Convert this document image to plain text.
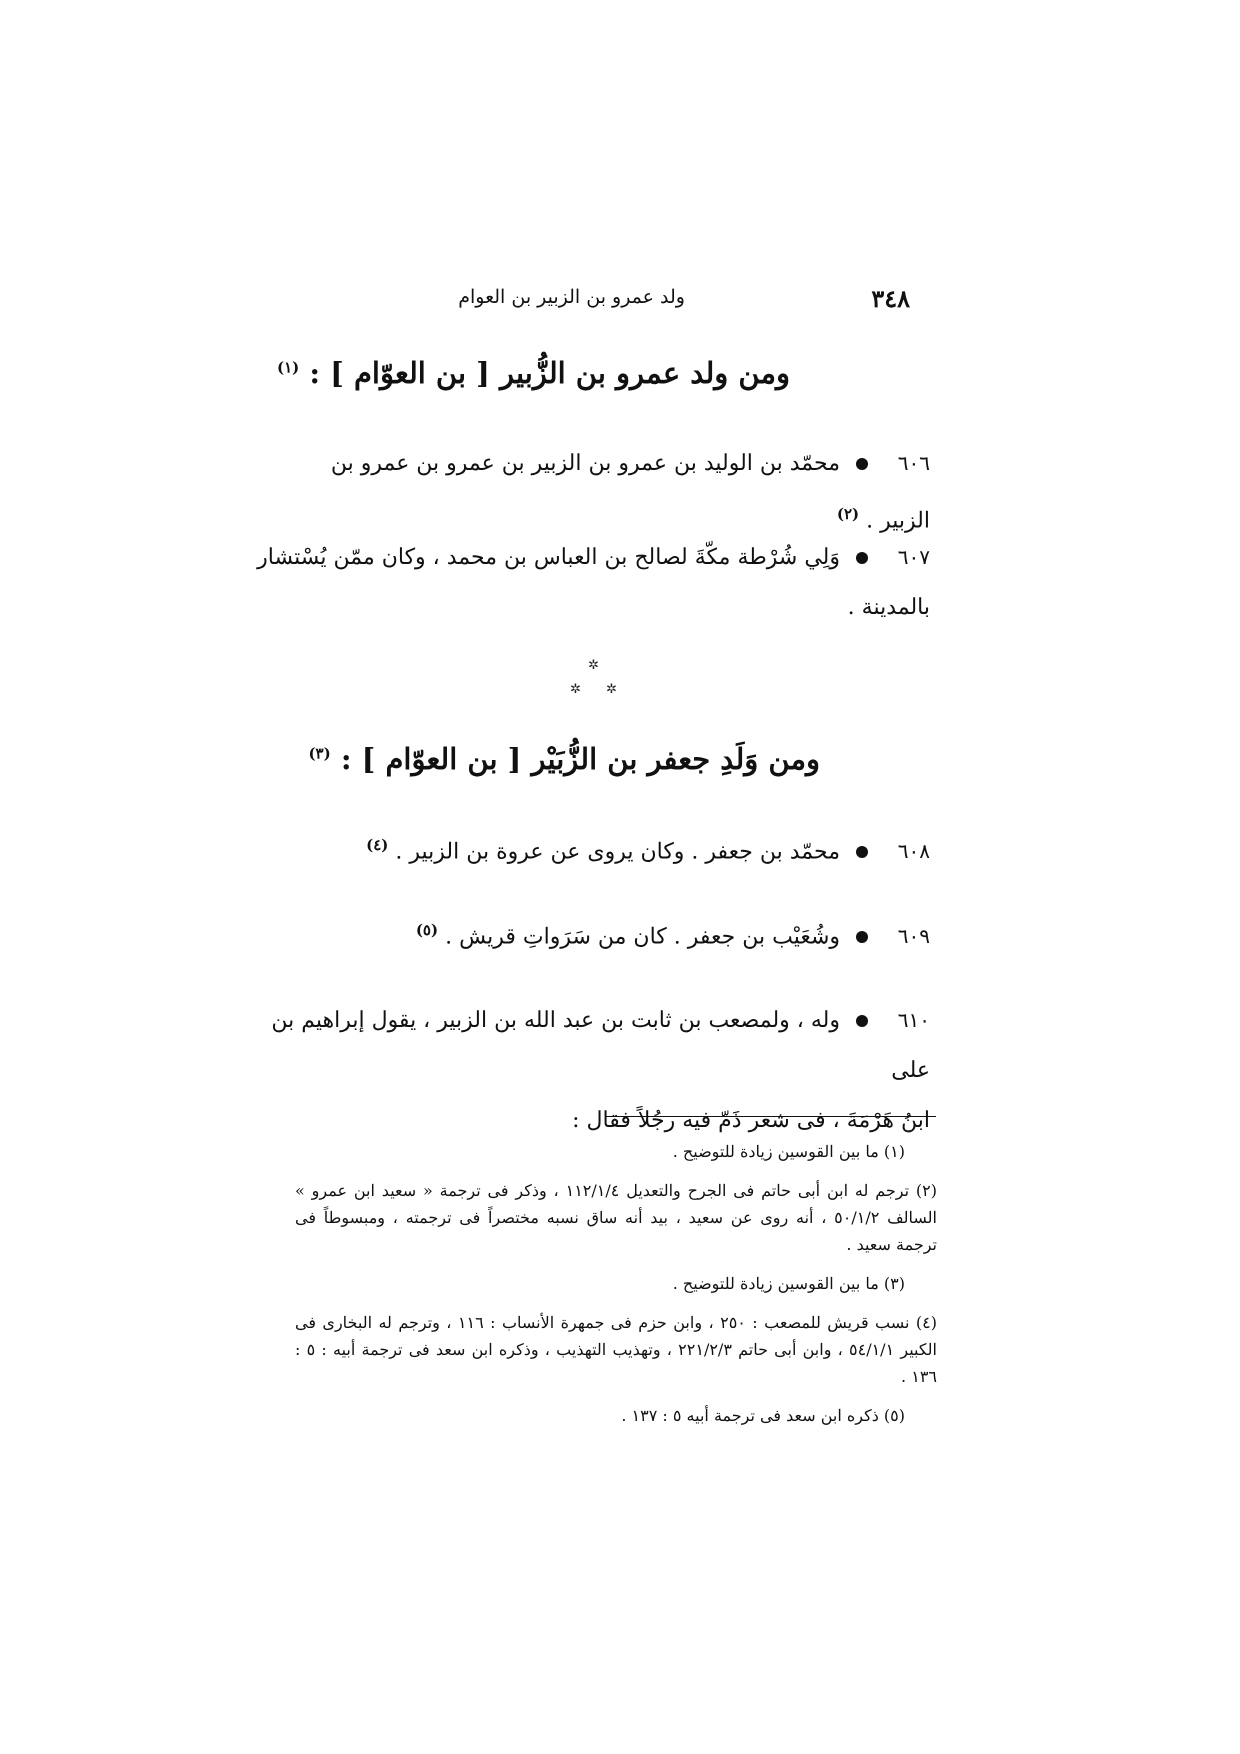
٣٤٨
ولد عمرو بن الزبير بن العوام
ومن ولد عمرو بن الزُّبير [ بن العوّام ] : $^{(١)}$
٦٠٦محمّد بن الوليد بن عمرو بن الزبير بن عمرو بن عمرو بن الزبير . $^{(٢)}$
٦٠٧وَلِي شُرْطة مكّةَ لصالح بن العباس بن محمد ، وكان ممّن يُسْتشار
بالمدينة .
✲
✲ ✲
ومن وَلَدِ جعفر بن الزُّبَيْر [ بن العوّام ] : $^{(٣)}$
٦٠٨محمّد بن جعفر . وكان يروى عن عروة بن الزبير . $^{(٤)}$
٦٠٩وشُعَيْب بن جعفر . كان من سَرَواتِ قريش . $^{(٥)}$
٦١٠وله ، ولمصعب بن ثابت بن عبد الله بن الزبير ، يقول إبراهيم بن على
ابنُ هَرْمَةَ ، فى شعر ذَمّ فيه رجُلاً فقال :

(١) ما بين القوسين زيادة للتوضيح .

(٢) ترجم له ابن أبى حاتم فى الجرح والتعديل ١١٢/١/٤ ، وذكر فى ترجمة « سعيد ابن عمرو » السالف ٥٠/١/٢ ، أنه روى عن سعيد ، بيد أنه ساق نسبه مختصراً فى ترجمته ، ومبسوطاً فى ترجمة سعيد .

(٣) ما بين القوسين زيادة للتوضيح .

(٤) نسب قريش للمصعب : ٢٥٠ ، وابن حزم فى جمهرة الأنساب : ١١٦ ، وترجم له البخارى فى الكبير ٥٤/١/١ ، وابن أبى حاتم ٢٢١/٢/٣ ، وتهذيب التهذيب ، وذكره ابن سعد فى ترجمة أبيه : ٥ : ١٣٦ .

(٥) ذكره ابن سعد فى ترجمة أبيه ٥ : ١٣٧ .
